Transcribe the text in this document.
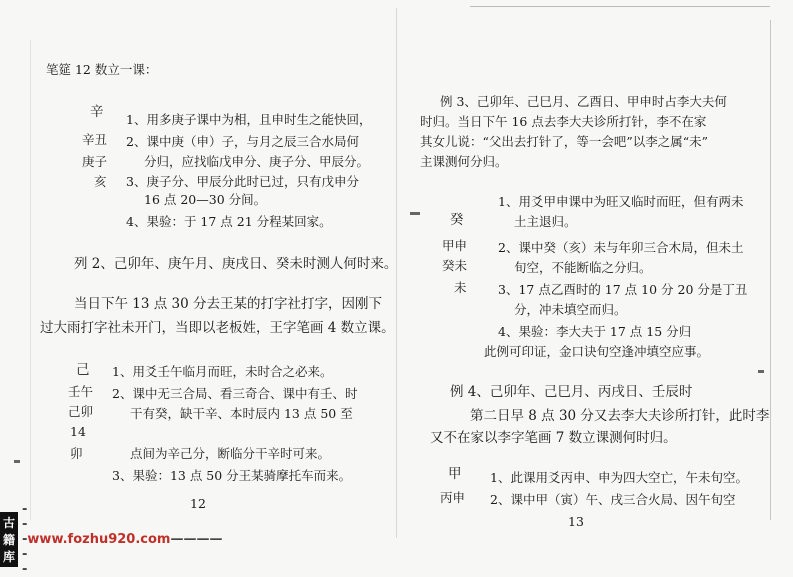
笔筵 12 数立一课：
辛
辛丑
庚子
亥
1、用多庚子课中为相，且申时生之能快回，
2、课中庚（申）子，与月之辰三合水局何
分归，应找临戊申分、庚子分、甲辰分。
3、庚子分、甲辰分此时已过，只有戊申分
16 点 20—30 分间。
4、果验：于 17 点 21 分程某回家。
列 2、己卯年、庚午月、庚戌日、癸未时测人何时来。
当日下午 13 点 30 分去王某的打字社打字，因刚下
过大雨打字社未开门，当即以老板姓，王字笔画 4 数立课。
己
壬午
己卯
14
卯
1、用爻壬午临月而旺，未时合之必来。
2、课中无三合局、看三奇合、课中有壬、时
干有癸，缺干辛、本时辰内 13 点 50 至
点间为辛己分，断临分干辛时可来。
3、果验：13 点 50 分王某骑摩托车而来。
12
例 3、己卯年、己巳月、乙酉日、甲申时占李大夫何
时归。当日下午 16 点去李大夫诊所打针，李不在家
其女儿说：“父出去打针了，等一会吧”以李之属“未”
主课测何分归。
癸
甲申
癸未
未
1、用爻甲申课中为旺又临时而旺，但有两未
土主退归。
2、课中癸（亥）未与年卯三合木局，但未土
旬空，不能断临之分归。
3、17 点乙酉时的 17 点 10 分 20 分是丁丑
分，冲未填空而归。
4、果验：李大夫于 17 点 15 分归
此例可印证，金口诀旬空逢冲填空应事。
例 4、己卯年、己巳月、丙戌日、壬辰时
第二日早 8 点 30 分又去李大夫诊所打针，此时李
又不在家以李字笔画 7 数立课测何时归。
甲
丙申
1、此课用爻丙申、申为四大空亡，午未旬空。
2、课中甲（寅）午、戌三合火局、因午旬空
13
古籍库
-----
www.fozhu920.com ————
